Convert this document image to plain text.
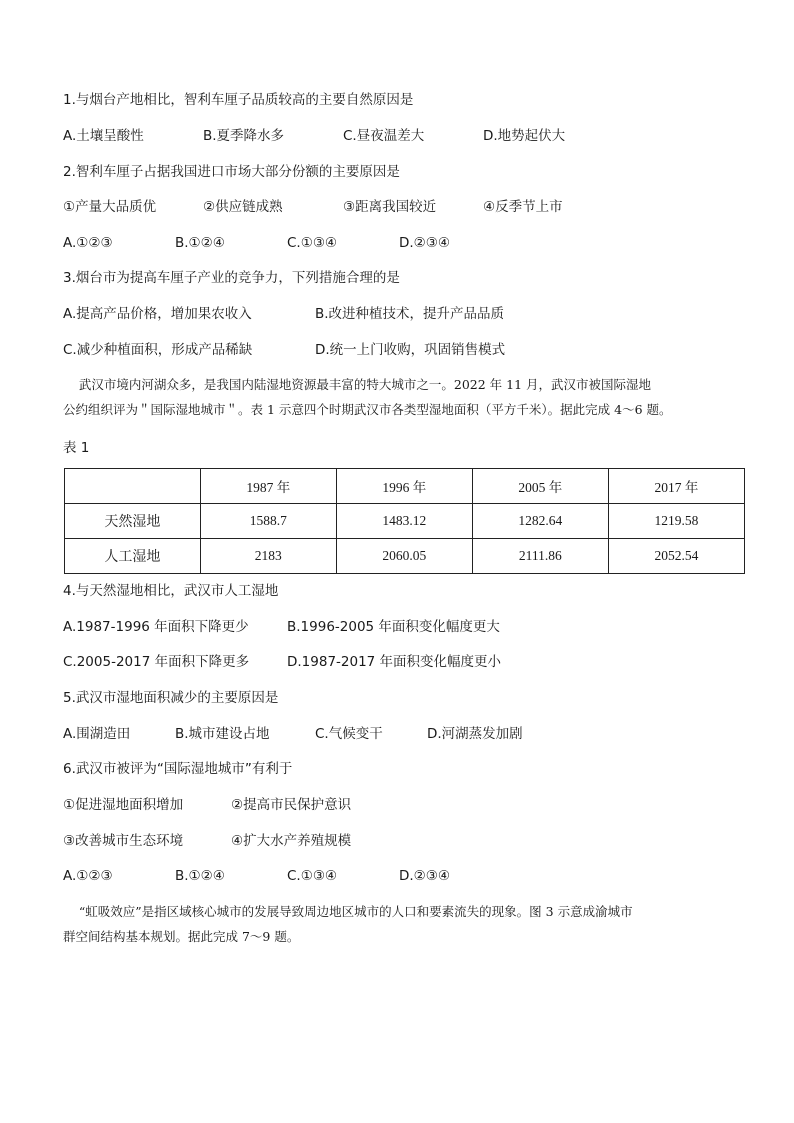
1.与烟台产地相比，智利车厘子品质较高的主要自然原因是
A.土壤呈酸性	B.夏季降水多	C.昼夜温差大	D.地势起伏大
2.智利车厘子占据我国进口市场大部分份额的主要原因是
①产量大品质优	②供应链成熟	③距离我国较近	④反季节上市
A.①②③	B.①②④	C.①③④	D.②③④
3.烟台市为提高车厘子产业的竞争力，下列措施合理的是
A.提高产品价格，增加果农收入	B.改进种植技术，提升产品品质
C.减少种植面积，形成产品稀缺	D.统一上门收购，巩固销售模式

武汉市境内河湖众多，是我国内陆湿地资源最丰富的特大城市之一。2022 年 11 月，武汉市被国际湿地

公约组织评为＂国际湿地城市＂。表 1 示意四个时期武汉市各类型湿地面积（平方千米）。据此完成 4～6 题。

表 1
	1987 年	1996 年	2005 年	2017 年
天然湿地	1588.7	1483.12	1282.64	1219.58
人工湿地	2183	2060.05	2111.86	2052.54
4.与天然湿地相比，武汉市人工湿地
A.1987-1996 年面积下降更少	B.1996-2005 年面积变化幅度更大
C.2005-2017 年面积下降更多	D.1987-2017 年面积变化幅度更小
5.武汉市湿地面积减少的主要原因是
A.围湖造田	B.城市建设占地	C.气候变干	D.河湖蒸发加剧
6.武汉市被评为“国际湿地城市”有利于
①促进湿地面积增加	②提高市民保护意识
③改善城市生态环境	④扩大水产养殖规模
A.①②③	B.①②④	C.①③④	D.②③④

“虹吸效应”是指区域核心城市的发展导致周边地区城市的人口和要素流失的现象。图 3 示意成渝城市

群空间结构基本规划。据此完成 7～9 题。
